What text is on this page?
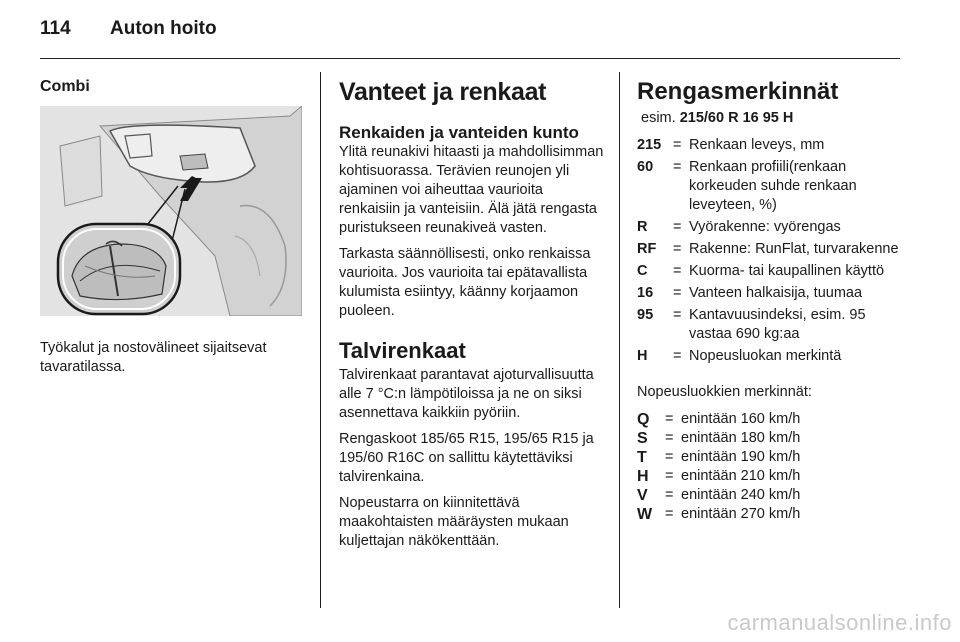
114 Auton hoito
Combi
Työkalut ja nostovälineet sijaitsevat tavaratilassa.
Vanteet ja renkaat
Renkaiden ja vanteiden kunto

Ylitä reunakivi hitaasti ja mahdollisimman kohtisuorassa. Terävien reunojen yli ajaminen voi aiheuttaa vaurioita renkaisiin ja vanteisiin. Älä jätä rengasta puristukseen reunakiveä vasten.

Tarkasta säännöllisesti, onko renkaissa vaurioita. Jos vaurioita tai epätavallista kulumista esiintyy, käänny korjaamon puoleen.

Talvirenkaat

Talvirenkaat parantavat ajoturvallisuutta alle 7 °C:n lämpötiloissa ja ne on siksi asennettava kaikkiin pyöriin.

Rengaskoot 185/65 R15, 195/65 R15 ja 195/60 R16C on sallittu käytettäviksi talvirenkaina.

Nopeustarra on kiinnitettävä maakohtaisten määräysten mukaan kuljettajan näkökenttään.

Rengasmerkinnät
esim. 215/60 R 16 95 H
215 = Renkaan leveys, mm
60	= Renkaan profiili(renkaan korkeuden suhde renkaan leveyteen, %)
R	= Vyörakenne: vyörengas
RF	= Rakenne: RunFlat, turvarakenne
C	= Kuorma- tai kaupallinen käyttö
16	= Vanteen halkaisija, tuumaa
95	= Kantavuusindeksi, esim. 95 vastaa 690 kg:aa
H	= Nopeusluokan merkintä

Nopeusluokkien merkinnät:

Q	= enintään 160 km/h
S	= enintään 180 km/h
T	= enintään 190 km/h
H	= enintään 210 km/h
V	= enintään 240 km/h
W = enintään 270 km/h
carmanualsonline.info
